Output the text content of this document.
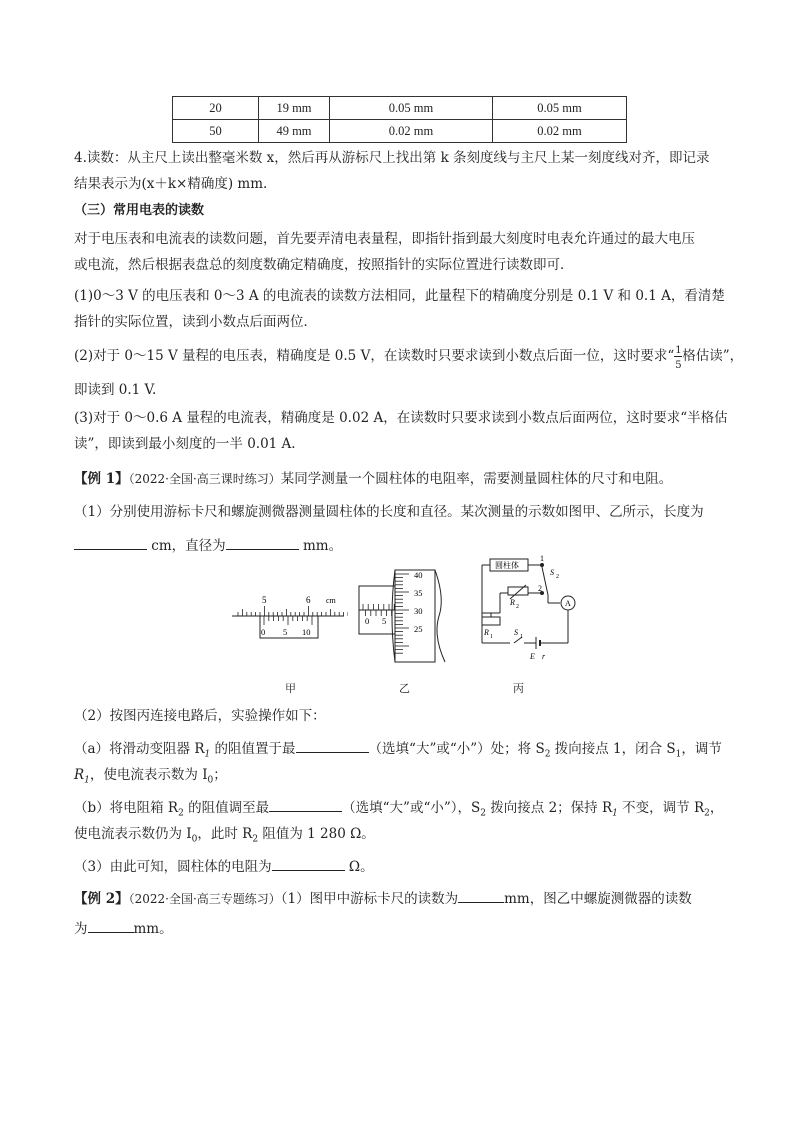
20	19 mm	0.05 mm	0.05 mm
50	49 mm	0.02 mm	0.02 mm
4.读数：从主尺上读出整毫米数 x，然后再从游标尺上找出第 k 条刻度线与主尺上某一刻度线对齐，即记录
结果表示为(x＋k×精确度) mm.
（三）常用电表的读数
对于电压表和电流表的读数问题，首先要弄清电表量程，即指针指到最大刻度时电表允许通过的最大电压
或电流，然后根据表盘总的刻度数确定精确度，按照指针的实际位置进行读数即可．
(1)0～3 V 的电压表和 0～3 A 的电流表的读数方法相同，此量程下的精确度分别是 0.1 V 和 0.1 A，看清楚
指针的实际位置，读到小数点后面两位．
(2)对于 0～15 V 量程的电压表，精确度是 0.5 V，在读数时只要求读到小数点后面一位，这时要求“ $\frac{1}{5}$ 格估读”，
即读到 0.1 V.
(3)对于 0～0.6 A 量程的电流表，精确度是 0.02 A，在读数时只要求读到小数点后面两位，这时要求“半格估
读”，即读到最小刻度的一半 0.01 A.
【例 1】（2022·全国·高三课时练习）某同学测量一个圆柱体的电阻率，需要测量圆柱体的尺寸和电阻。
（1）分别使用游标卡尺和螺旋测微器测量圆柱体的长度和直径。某次测量的示数如图甲、乙所示，长度为
cm，直径为	mm。
5	6 cm
0 5 10
甲
0 5
40
35
30
25
乙
圆柱体
1
2
S 2
A
R 2
R 1	S 1
E r
丙
（2）按图丙连接电路后，实验操作如下：
（a）将滑动变阻器 $R_1$ 的阻值置于最	（选填“大”或“小”）处；将 $S_2$ 拨向接点 1，闭合 $S_1$，调节
$R_1$，使电流表示数为 $I_0$；
（b）将电阻箱 $R_2$ 的阻值调至最	（选填“大”或“小”），$S_2$ 拨向接点 2；保持 $R_1$ 不变，调节 $R_2$，
使电流表示数仍为 $I_0$，此时 $R_2$ 阻值为 1 280 Ω。
（3）由此可知，圆柱体的电阻为	Ω。
【例 2】（2022·全国·高三专题练习）（1）图甲中游标卡尺的读数为	mm，图乙中螺旋测微器的读数
为	mm。
